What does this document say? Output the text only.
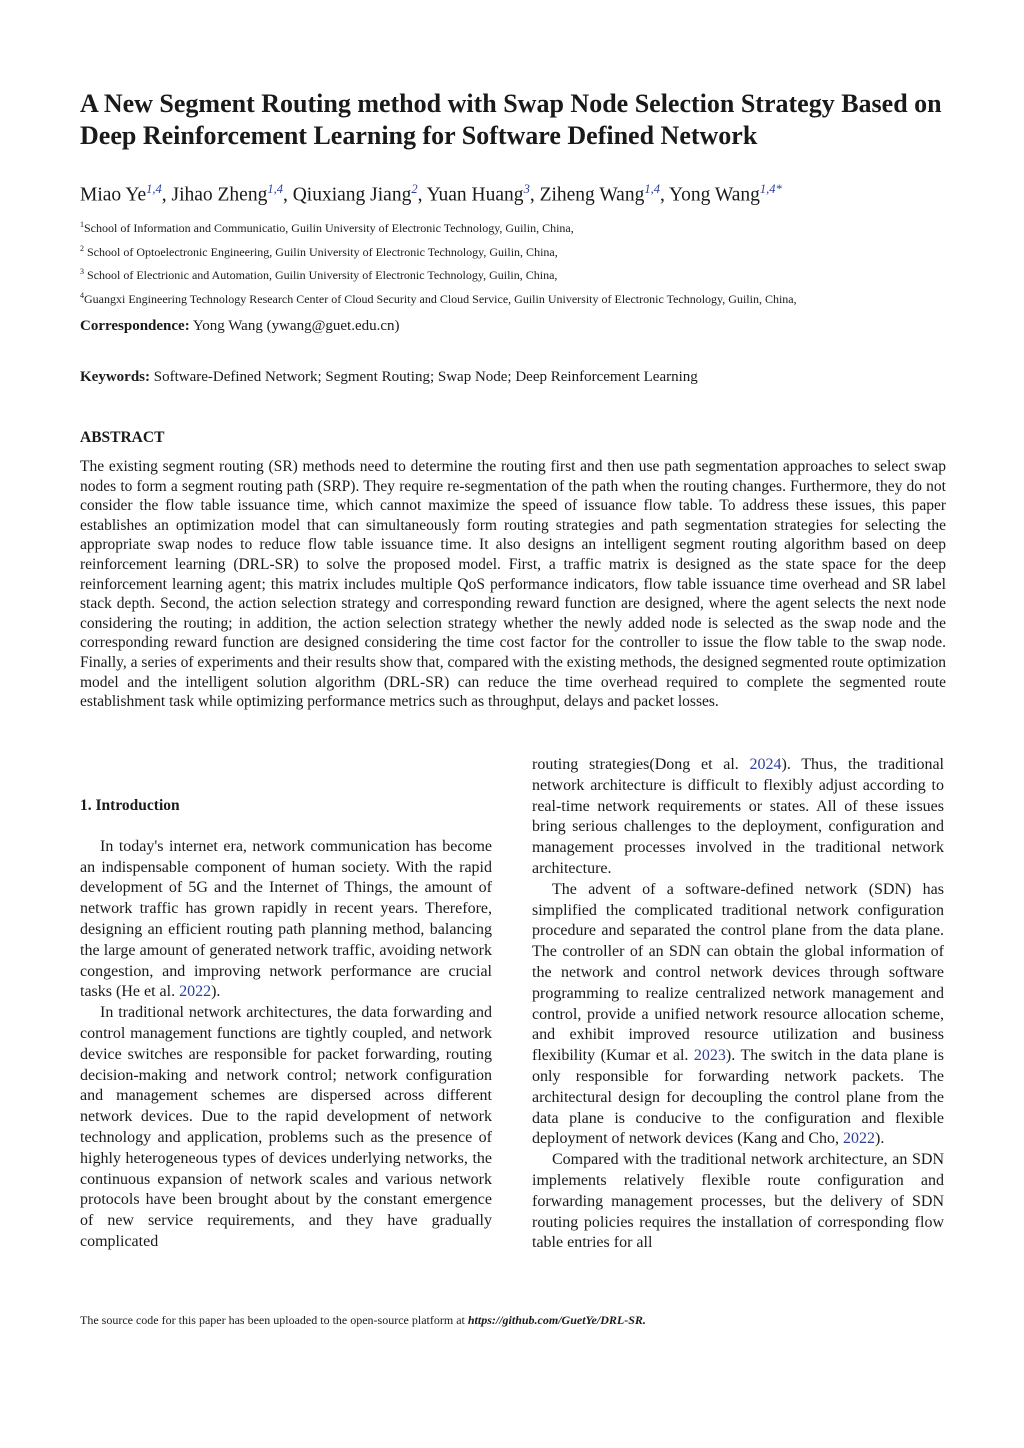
A New Segment Routing method with Swap Node Selection Strategy Based on Deep Reinforcement Learning for Software Defined Network

Miao Ye$^{1,4}$, Jihao Zheng$^{1,4}$, Qiuxiang Jiang$^2$, Yuan Huang$^3$, Ziheng Wang$^{1,4}$, Yong Wang$^{1,4*}$

$^1$School of Information and Communicatio, Guilin University of Electronic Technology, Guilin, China,
$^2$ School of Optoelectronic Engineering, Guilin University of Electronic Technology, Guilin, China,
$^3$ School of Electrionic and Automation, Guilin University of Electronic Technology, Guilin, China,
$^4$Guangxi Engineering Technology Research Center of Cloud Security and Cloud Service, Guilin University of Electronic Technology, Guilin, China,

Correspondence: Yong Wang (ywang@guet.edu.cn)

Keywords: Software-Defined Network; Segment Routing; Swap Node; Deep Reinforcement Learning

ABSTRACT

The existing segment routing (SR) methods need to determine the routing first and then use path segmentation approaches to select swap nodes to form a segment routing path (SRP). They require re-segmentation of the path when the routing changes. Furthermore, they do not consider the flow table issuance time, which cannot maximize the speed of issuance flow table. To address these issues, this paper establishes an optimization model that can simultaneously form routing strategies and path segmentation strategies for selecting the appropriate swap nodes to reduce flow table issuance time. It also designs an intelligent segment routing algorithm based on deep reinforcement learning (DRL-SR) to solve the proposed model. First, a traffic matrix is designed as the state space for the deep reinforcement learning agent; this matrix includes multiple QoS performance indicators, flow table issuance time overhead and SR label stack depth. Second, the action selection strategy and corresponding reward function are designed, where the agent selects the next node considering the routing; in addition, the action selection strategy whether the newly added node is selected as the swap node and the corresponding reward function are designed considering the time cost factor for the controller to issue the flow table to the swap node. Finally, a series of experiments and their results show that, compared with the existing methods, the designed segmented route optimization model and the intelligent solution algorithm (DRL-SR) can reduce the time overhead required to complete the segmented route establishment task while optimizing performance metrics such as throughput, delays and packet losses.

1. Introduction

In today's internet era, network communication has become an indispensable component of human society. With the rapid development of 5G and the Internet of Things, the amount of network traffic has grown rapidly in recent years. Therefore, designing an efficient routing path planning method, balancing the large amount of generated network traffic, avoiding network congestion, and improving network performance are crucial tasks (He et al. 2022).

In traditional network architectures, the data forwarding and control management functions are tightly coupled, and network device switches are responsible for packet forwarding, routing decision-making and network control; network configuration and management schemes are dispersed across different network devices. Due to the rapid development of network technology and application, problems such as the presence of highly heterogeneous types of devices underlying networks, the continuous expansion of network scales and various network protocols have been brought about by the constant emergence of new service requirements, and they have gradually complicated

routing strategies(Dong et al. 2024). Thus, the traditional network architecture is difficult to flexibly adjust according to real-time network requirements or states. All of these issues bring serious challenges to the deployment, configuration and management processes involved in the traditional network architecture.

The advent of a software-defined network (SDN) has simplified the complicated traditional network configuration procedure and separated the control plane from the data plane. The controller of an SDN can obtain the global information of the network and control network devices through software programming to realize centralized network management and control, provide a unified network resource allocation scheme, and exhibit improved resource utilization and business flexibility (Kumar et al. 2023). The switch in the data plane is only responsible for forwarding network packets. The architectural design for decoupling the control plane from the data plane is conducive to the configuration and flexible deployment of network devices (Kang and Cho, 2022).

Compared with the traditional network architecture, an SDN implements relatively flexible route configuration and forwarding management processes, but the delivery of SDN routing policies requires the installation of corresponding flow table entries for all

The source code for this paper has been uploaded to the open-source platform at https://github.com/GuetYe/DRL-SR.
